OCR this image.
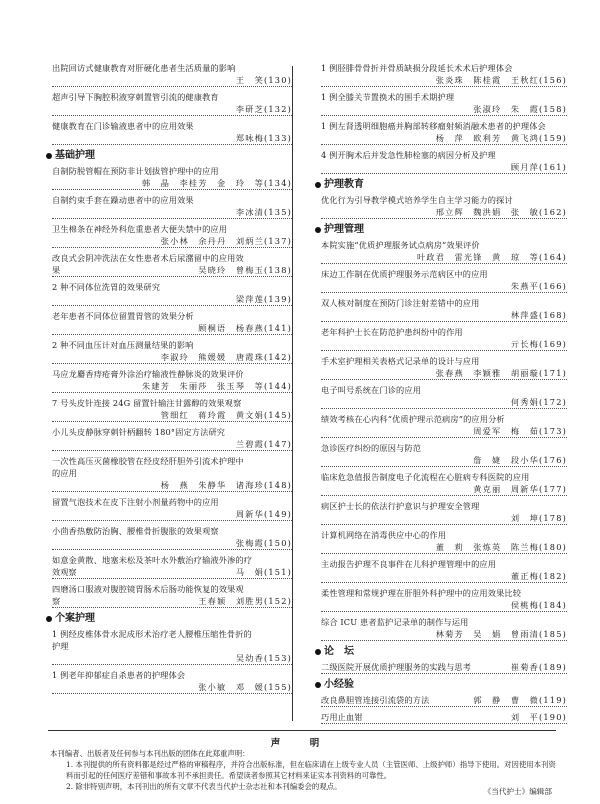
出院回访式健康教育对肝硬化患者生活质量的影响
王　笑(130)
超声引导下胸腔积液穿刺置管引流的健康教育
李研芝(132)
健康教育在门诊输液患者中的应用效果
郑咏梅(133)
基础护理
自制防脱管帽在预防非计划拔管护理中的应用
韩　晶　李桂芳　金　玲　等(134)
自制约束手套在躁动患者中的应用效果
李冰清(135)
卫生棉条在神经外科危重患者大便失禁中的应用
张小林　余丹丹　刘炳兰(137)
改良式会阴冲洗法在女性患者术后尿潴留中的应用效
果	吴晓玲　曾梅玉(138)
2 种不同体位洗胃的效果研究
梁萍莲(139)
老年患者不同体位留置胃管的效果分析
顾桐语　杨春燕(141)
2 种不同血压计对血压测量结果的影响
李淑玲　熊媛媛　唐霞珠(142)
马应龙麝香痔疮膏外涂治疗输液性静脉炎的效果评价
朱建芳　朱丽莎　张玉琴　等(144)
7 号头皮针连接 24G 留置针输注甘露醇的效果观察
管细红　蒋玲霞　黄文娟(145)
小儿头皮静脉穿刺针柄翻转 180°固定方法研究
兰碧霞(147)
一次性高压灭菌橡胶管在经皮经肝胆外引流术护理中
的应用
杨　燕　朱静华　诸海珍(148)
留置气泡技术在皮下注射小剂量药物中的应用
周新华(149)
小茴香热敷防治胸、腰椎骨折腹胀的效果观察
张梅霞(150)
如意金黄散、地塞米松及茶叶水外敷治疗输液外渗的疗
效观察	马　娟(151)
四磨汤口服液对腹腔镜胃肠术后肠功能恢复的效果观
察	王春颖　刘胜男(152)
个案护理
1 例经皮椎体骨水泥成形术治疗老人腰椎压缩性骨折的
护理
吴幼香(153)
1 例老年抑郁症自杀患者的护理体会
张小敏　邓　媛(155)
1 例胫腓骨骨折并骨质缺损分段延长术术后护理体会
张炎珠　陈桂霞　王秋红(156)
1 例全膝关节置换术的围手术期护理
张淑玲　朱　霞(158)
1 例左肾透明细胞癌并胸部转移瘤射频消融术患者的护理体会
杨　萍　欧利芳　黄飞鸿(159)
4 例开胸术后并发急性肺栓塞的病因分析及护理
顾月萍(161)
护理教育
优化行为引导教学模式培养学生自主学习能力的探讨
邢立辉　魏洪娟　张　敏(162)
护理管理
本院实施“优质护理服务试点病房”效果评价
叶政君　雷光锋　黄　琼　等(164)
床边工作制在优质护理服务示范病区中的应用
朱燕平(166)
双人核对制度在预防门诊注射差错中的应用
林萍盛(168)
老年科护士长在防范护患纠纷中的作用
亓长梅(169)
手术室护理相关表格式记录单的设计与应用
张春燕　李颖雅　胡丽璇(171)
电子叫号系统在门诊的应用
何秀娟(172)
绩效考核在心内科“优质护理示范病房”的应用分析
周爱军　梅　茹(173)
急诊医疗纠纷的原因与防范
詹　婕　段小华(176)
临床危急值报告制度电子化流程在心脏病专科医院的应用
黄克丽　周新华(177)
病区护士长的依法行护意识与护理安全管理
刘　坤(178)
计算机网络在消毒供应中心的作用
董　莉　张炼英　陈兰梅(180)
主动报告护理不良事件在儿科护理管理中的应用
董正梅(182)
柔性管理和常规护理在肝胆外科护理中的应用效果比较
侯桃梅(184)
综合 ICU 患者监护记录单的制作与运用
林菊芳　吴　娟　曾雨清(185)
论　坛
二级医院开展优质护理服务的实践与思考	崔菊香(189)
小经验
改良鼻胆管连接引流袋的方法	郭　静　曹　微(119)
巧用止血钳	刘　平(190)
声　明

本刊编者、出版者及任何参与本刊出版的团体在此郑重声明：

1. 本刊提供的所有资料都是经过严格的审稿程序，并符合出版标准，但在临床请在上级专业人员（主管医师、上级护师）指导下使用。对因使用本刊资料而引起的任何医疗差错和事故本刊不承担责任。希望读者参照其它材料来证实本刊资料的可靠性。

2. 除非特别声明，本刊刊出的所有文章不代表当代护士杂志社和本刊编委会的观点。

《当代护士》编辑部
